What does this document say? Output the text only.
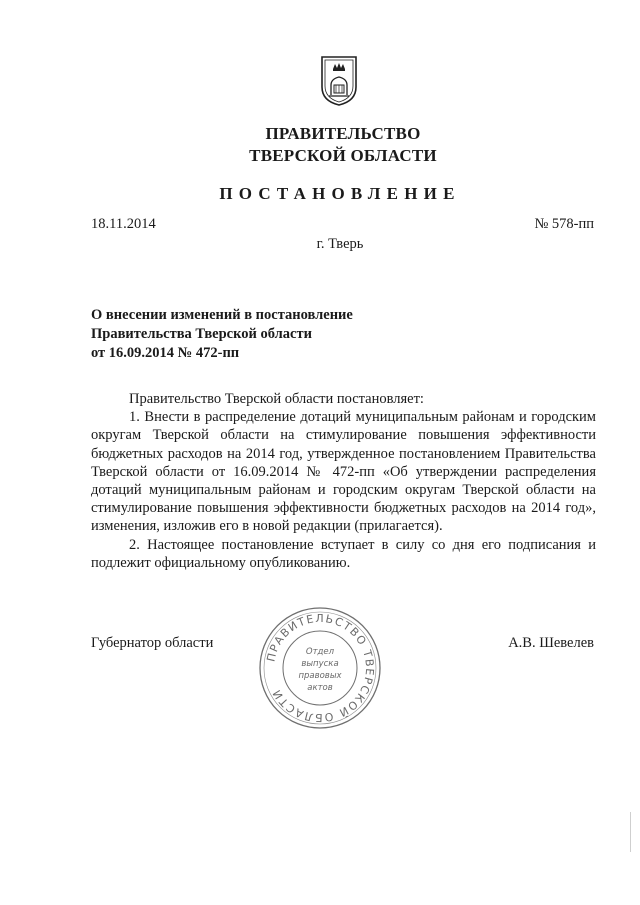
ПРАВИТЕЛЬСТВО
ТВЕРСКОЙ ОБЛАСТИ
ПОСТАНОВЛЕНИЕ
18.11.2014	№ 578-пп
г. Тверь
О внесении изменений в постановление
Правительства Тверской области
от 16.09.2014 № 472-пп

Правительство Тверской области постановляет:

1. Внести в распределение дотаций муниципальным районам и городским округам Тверской области на стимулирование повышения эффективности бюджетных расходов на 2014 год, утвержденное постановлением Правительства Тверской области от 16.09.2014 № 472-пп «Об утверждении распределения дотаций муниципальным районам и городским округам Тверской области на стимулирование повышения эффективности бюджетных расходов на 2014 год», изменения, изложив его в новой редакции (прилагается).

2. Настоящее постановление вступает в силу со дня его подписания и подлежит официальному опубликованию.

Губернатор области	А.В. Шевелев
ПРАВИТЕЛЬСТВО ТВЕРСКОЙ ОБЛАСТИ
Отдел
выпуска
правовых
актов
